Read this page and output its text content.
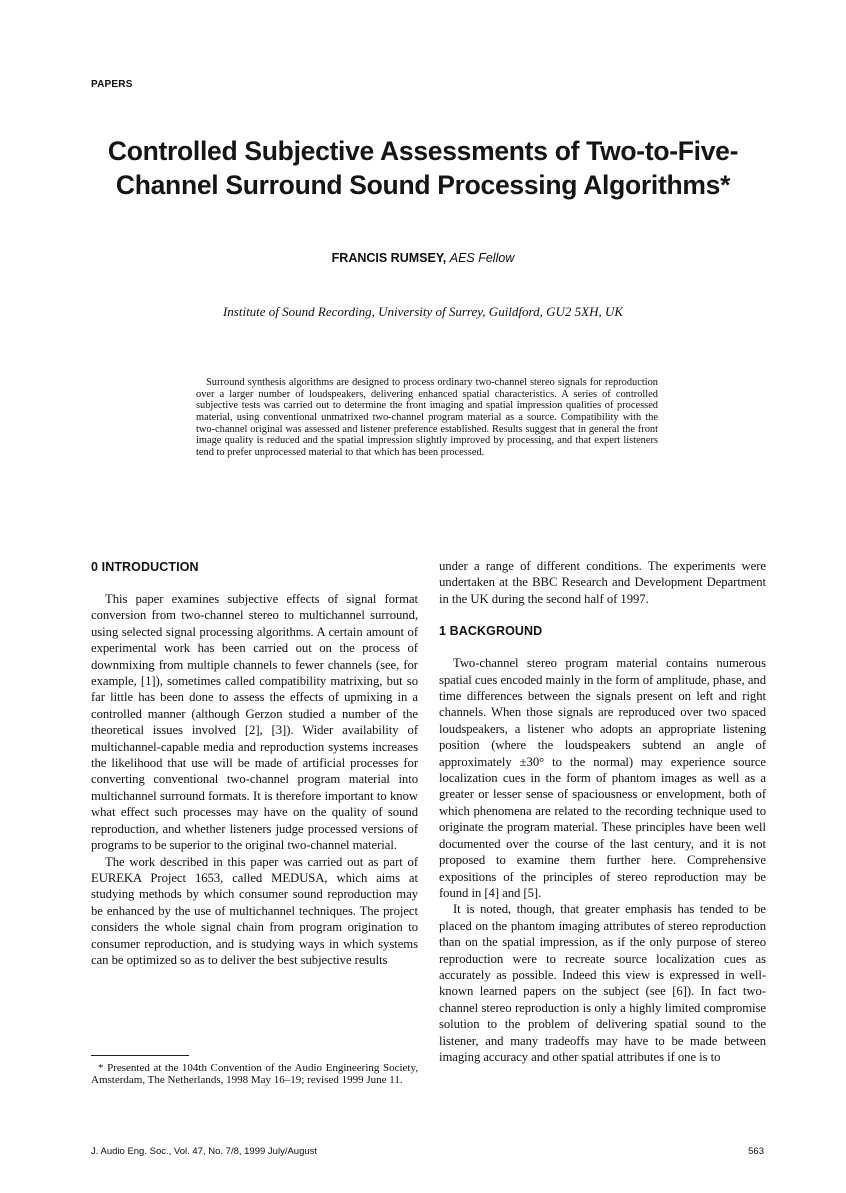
PAPERS
Controlled Subjective Assessments of Two-to-Five-
Channel Surround Sound Processing Algorithms*
FRANCIS RUMSEY, AES Fellow
Institute of Sound Recording, University of Surrey, Guildford, GU2 5XH, UK

Surround synthesis algorithms are designed to process ordinary two-channel stereo signals for reproduction over a larger number of loudspeakers, delivering enhanced spatial characteristics. A series of controlled subjective tests was carried out to determine the front imaging and spatial impression qualities of processed material, using conventional unmatrixed two-channel program material as a source. Compatibility with the two-channel original was assessed and listener preference established. Results suggest that in general the front image quality is reduced and the spatial impression slightly improved by processing, and that expert listeners tend to prefer unprocessed material to that which has been processed.

0 INTRODUCTION

This paper examines subjective effects of signal format conversion from two-channel stereo to multichannel surround, using selected signal processing algorithms. A certain amount of experimental work has been carried out on the process of downmixing from multiple channels to fewer channels (see, for example, [1]), sometimes called compatibility matrixing, but so far little has been done to assess the effects of upmixing in a controlled manner (although Gerzon studied a number of the theoretical issues involved [2], [3]). Wider availability of multichannel-capable media and reproduction systems increases the likelihood that use will be made of artificial processes for converting conventional two-channel program material into multichannel surround formats. It is therefore important to know what effect such processes may have on the quality of sound reproduction, and whether listeners judge processed versions of programs to be superior to the original two-channel material.

The work described in this paper was carried out as part of EUREKA Project 1653, called MEDUSA, which aims at studying methods by which consumer sound reproduction may be enhanced by the use of multichannel techniques. The project considers the whole signal chain from program origination to consumer reproduction, and is studying ways in which systems can be optimized so as to deliver the best subjective results

under a range of different conditions. The experiments were undertaken at the BBC Research and Development Department in the UK during the second half of 1997.

1 BACKGROUND

Two-channel stereo program material contains numerous spatial cues encoded mainly in the form of amplitude, phase, and time differences between the signals present on left and right channels. When those signals are reproduced over two spaced loudspeakers, a listener who adopts an appropriate listening position (where the loudspeakers subtend an angle of approximately ±30° to the normal) may experience source localization cues in the form of phantom images as well as a greater or lesser sense of spaciousness or envelopment, both of which phenomena are related to the recording technique used to originate the program material. These principles have been well documented over the course of the last century, and it is not proposed to examine them further here. Comprehensive expositions of the principles of stereo reproduction may be found in [4] and [5].

It is noted, though, that greater emphasis has tended to be placed on the phantom imaging attributes of stereo reproduction than on the spatial impression, as if the only purpose of stereo reproduction were to recreate source localization cues as accurately as possible. Indeed this view is expressed in well-known learned papers on the subject (see [6]). In fact two-channel stereo reproduction is only a highly limited compromise solution to the problem of delivering spatial sound to the listener, and many tradeoffs may have to be made between imaging accuracy and other spatial attributes if one is to

* Presented at the 104th Convention of the Audio Engineering Society, Amsterdam, The Netherlands, 1998 May 16–19; revised 1999 June 11.

J. Audio Eng. Soc., Vol. 47, No. 7/8, 1999 July/August	563
